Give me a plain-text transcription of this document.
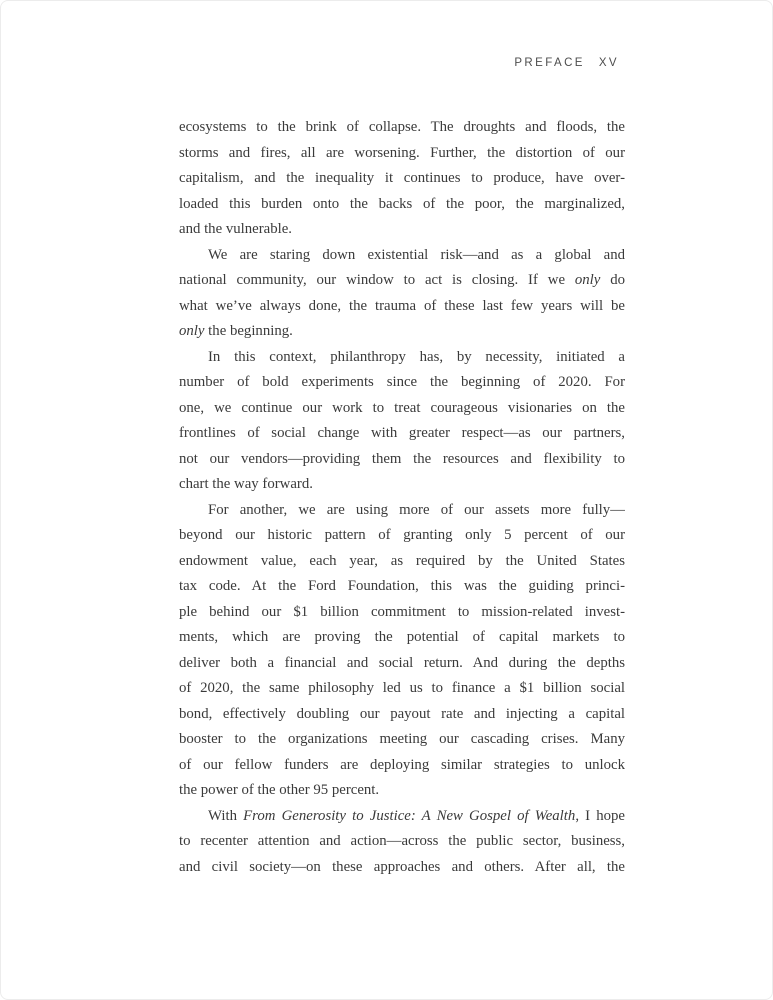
PREFACE XV
ecosystems to the brink of collapse. The droughts and floods, the
storms and fires, all are worsening. Further, the distortion of our
capitalism, and the inequality it continues to produce, have over-
loaded this burden onto the backs of the poor, the marginalized,
and the vulnerable.
We are staring down existential risk—and as a global and
national community, our window to act is closing. If we only do
what we’ve always done, the trauma of these last few years will be
only the beginning.
In this context, philanthropy has, by necessity, initiated a
number of bold experiments since the beginning of 2020. For
one, we continue our work to treat courageous visionaries on the
frontlines of social change with greater respect—as our partners,
not our vendors—providing them the resources and flexibility to
chart the way forward.
For another, we are using more of our assets more fully—
beyond our historic pattern of granting only 5 percent of our
endowment value, each year, as required by the United States
tax code. At the Ford Foundation, this was the guiding princi-
ple behind our $1 billion commitment to mission-related invest-
ments, which are proving the potential of capital markets to
deliver both a financial and social return. And during the depths
of 2020, the same philosophy led us to finance a $1 billion social
bond, effectively doubling our payout rate and injecting a capital
booster to the organizations meeting our cascading crises. Many
of our fellow funders are deploying similar strategies to unlock
the power of the other 95 percent.
With From Generosity to Justice: A New Gospel of Wealth, I hope
to recenter attention and action—across the public sector, business,
and civil society—on these approaches and others. After all, the
